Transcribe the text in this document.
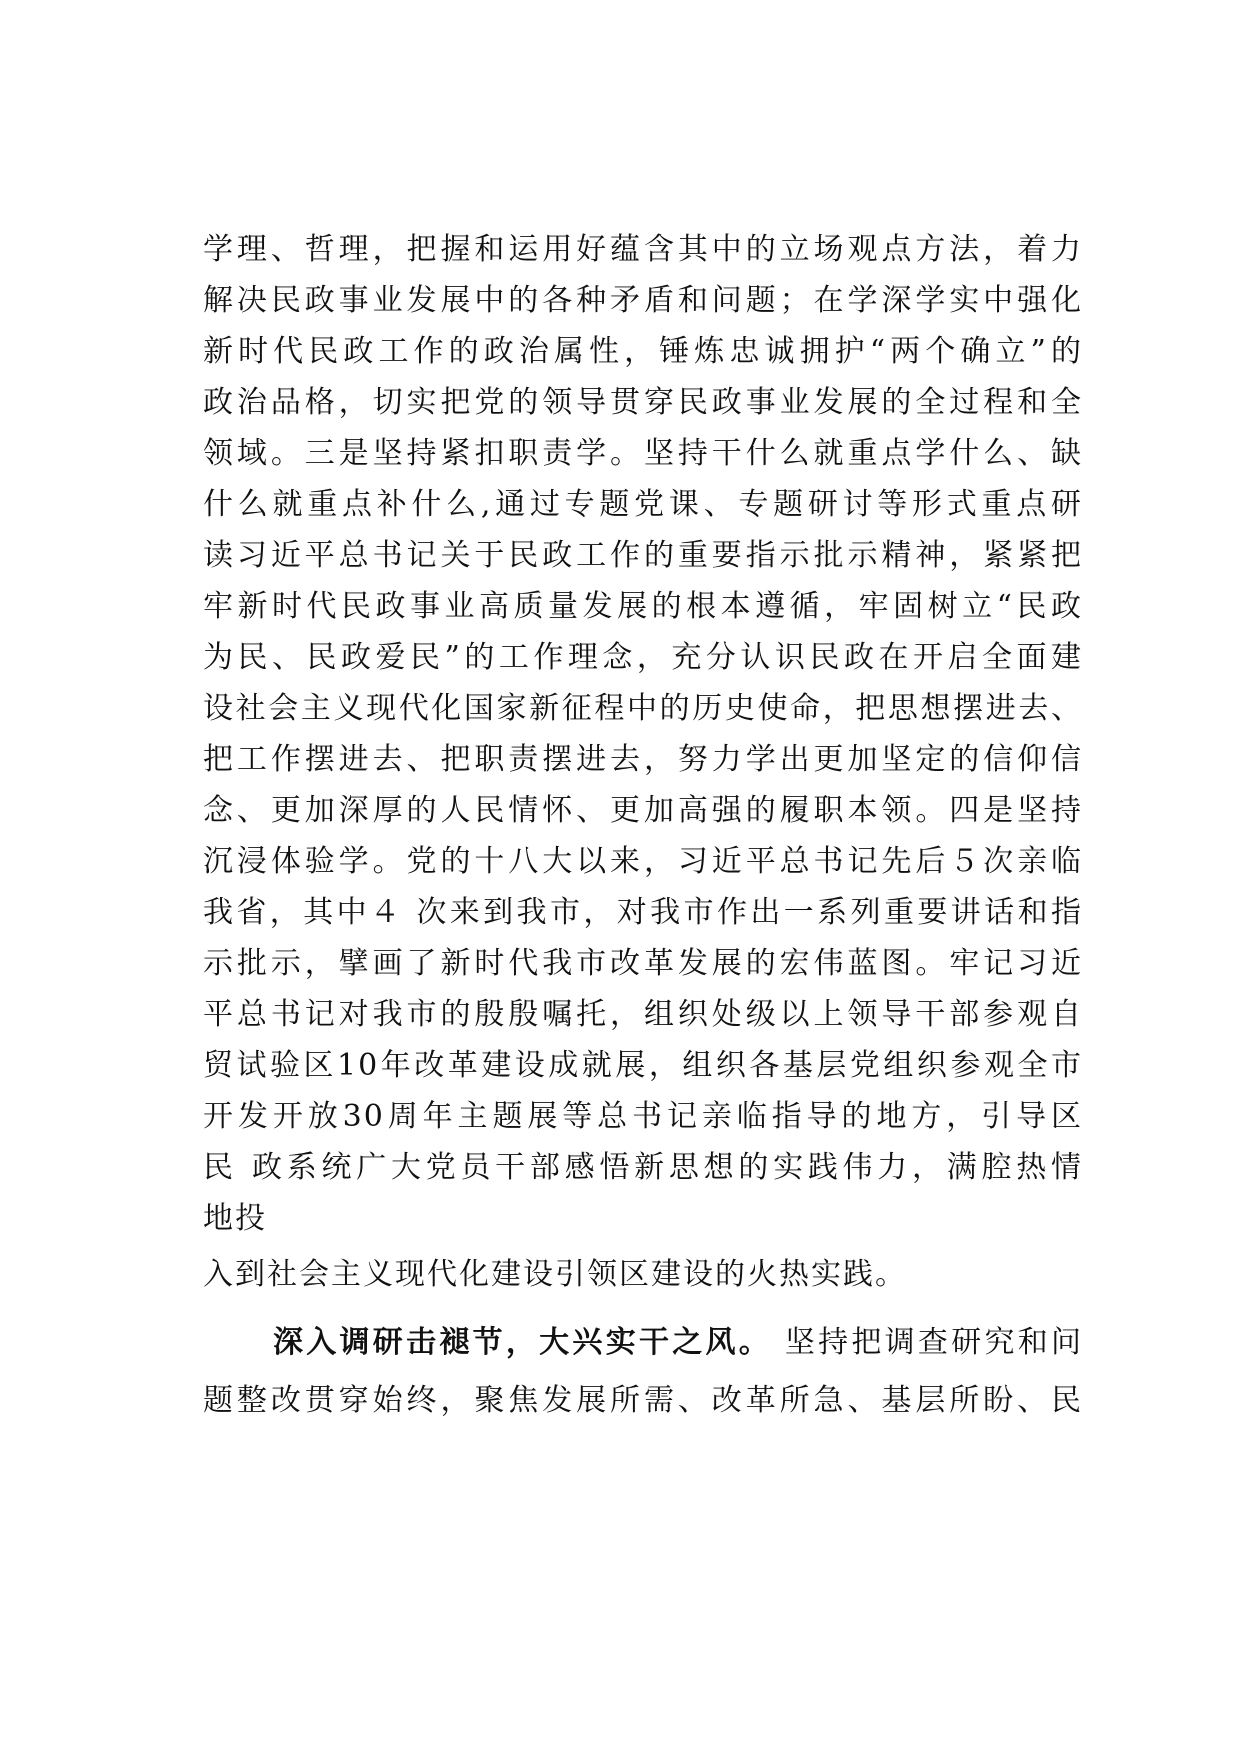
学理、哲理，把握和运用好蕴含其中的立场观点方法，着力
解决民政事业发展中的各种矛盾和问题；在学深学实中强化
新时代民政工作的政治属性，锤炼忠诚拥护“两个确立”的
政治品格，切实把党的领导贯穿民政事业发展的全过程和全
领域。三是坚持紧扣职责学。坚持干什么就重点学什么、缺
什么就重点补什么,通过专题党课、专题研讨等形式重点研
读习近平总书记关于民政工作的重要指示批示精神，紧紧把
牢新时代民政事业高质量发展的根本遵循，牢固树立“民政
为民、民政爱民”的工作理念，充分认识民政在开启全面建
设社会主义现代化国家新征程中的历史使命，把思想摆进去、
把工作摆进去、把职责摆进去，努力学出更加坚定的信仰信
念、更加深厚的人民情怀、更加高强的履职本领。四是坚持
沉浸体验学。党的十八大以来，习近平总书记先后５次亲临
我省，其中４ 次来到我市，对我市作出一系列重要讲话和指
示批示，擘画了新时代我市改革发展的宏伟蓝图。牢记习近
平总书记对我市的殷殷嘱托，组织处级以上领导干部参观自
贸试验区10年改革建设成就展，组织各基层党组织参观全市
开发开放30周年主题展等总书记亲临指导的地方，引导区
民 政系统广大党员干部感悟新思想的实践伟力，满腔热情
地投
入到社会主义现代化建设引领区建设的火热实践。
深入调研击褪节，大兴实干之风。 坚持把调查研究和问
题整改贯穿始终，聚焦发展所需、改革所急、基层所盼、民
